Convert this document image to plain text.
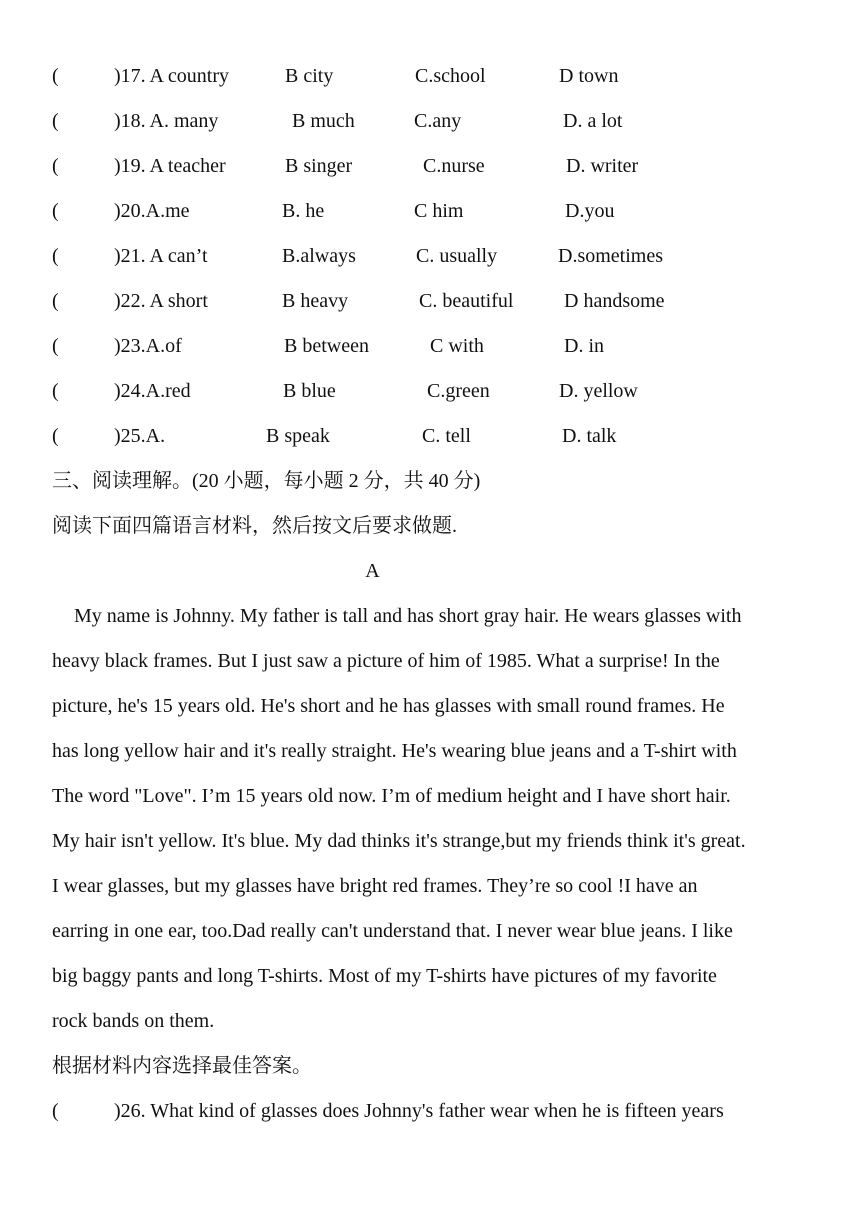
(	)17. A country	B city	C.school	D town
(	)18. A. many	B much	C.any	D. a lot
(	)19. A teacher	B singer	C.nurse	D. writer
(	)20.A.me	B. he	C him	D.you
(	)21. A can’t	B.always	C. usually	D.sometimes
(	)22. A short	B heavy	C. beautiful	D handsome
(	)23.A.of	B between	C with	D. in
(	)24.A.red	B blue	C.green	D. yellow
(	)25.A.	B speak	C. tell	D. talk
三、阅读理解。(20 小题，每小题 2 分，共 40 分)
阅读下面四篇语言材料，然后按文后要求做题.
A
My name is Johnny. My father is tall and has short gray hair. He wears glasses with
heavy black frames. But I just saw a picture of him of 1985. What a surprise! In the
picture, he's 15 years old. He's short and he has glasses with small round frames. He
has long yellow hair and it's really straight. He's wearing blue jeans and a T-shirt with
The word "Love". I’m 15 years old now. I’m of medium height and I have short hair.
My hair isn't yellow. It's blue. My dad thinks it's strange,but my friends think it's great.
I wear glasses, but my glasses have bright red frames. They’re so cool !I have an
earring in one ear, too.Dad really can't understand that. I never wear blue jeans. I like
big baggy pants and long T-shirts. Most of my T-shirts have pictures of my favorite
rock bands on them.
根据材料内容选择最佳答案。
(	)26. What kind of glasses does Johnny's father wear when he is fifteen years
